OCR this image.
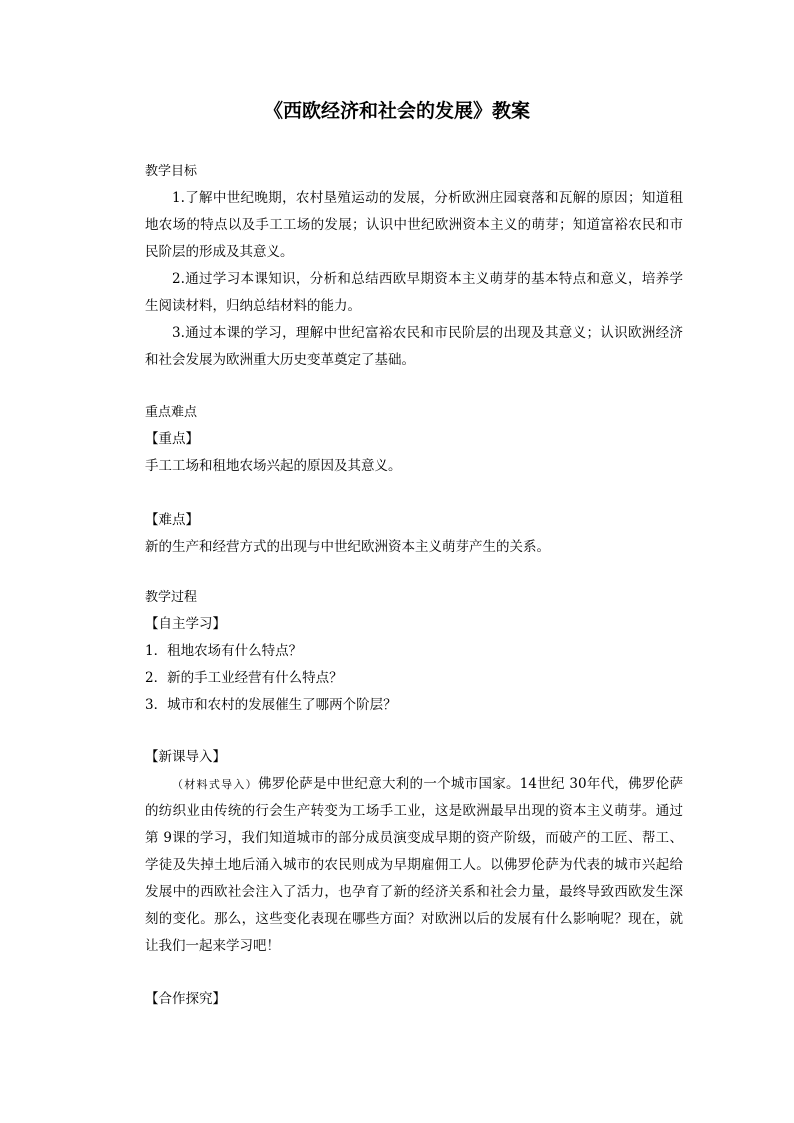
《西欧经济和社会的发展》教案

教学目标

1.了解中世纪晚期，农村垦殖运动的发展，分析欧洲庄园衰落和瓦解的原因；知道租地农场的特点以及手工工场的发展；认识中世纪欧洲资本主义的萌芽；知道富裕农民和市民阶层的形成及其意义。

2.通过学习本课知识，分析和总结西欧早期资本主义萌芽的基本特点和意义，培养学生阅读材料，归纳总结材料的能力。

3.通过本课的学习，理解中世纪富裕农民和市民阶层的出现及其意义；认识欧洲经济和社会发展为欧洲重大历史变革奠定了基础。

重点难点

【重点】

手工工场和租地农场兴起的原因及其意义。

【难点】

新的生产和经营方式的出现与中世纪欧洲资本主义萌芽产生的关系。

教学过程

【自主学习】

1．租地农场有什么特点？

2．新的手工业经营有什么特点？

3．城市和农村的发展催生了哪两个阶层？

【新课导入】

（材料式导入）佛罗伦萨是中世纪意大利的一个城市国家。14世纪 30年代，佛罗伦萨的纺织业由传统的行会生产转变为工场手工业，这是欧洲最早出现的资本主义萌芽。通过第 9课的学习，我们知道城市的部分成员演变成早期的资产阶级，而破产的工匠、帮工、学徒及失掉土地后涌入城市的农民则成为早期雇佣工人。以佛罗伦萨为代表的城市兴起给发展中的西欧社会注入了活力，也孕育了新的经济关系和社会力量，最终导致西欧发生深刻的变化。那么，这些变化表现在哪些方面？对欧洲以后的发展有什么影响呢？现在，就让我们一起来学习吧！

【合作探究】
